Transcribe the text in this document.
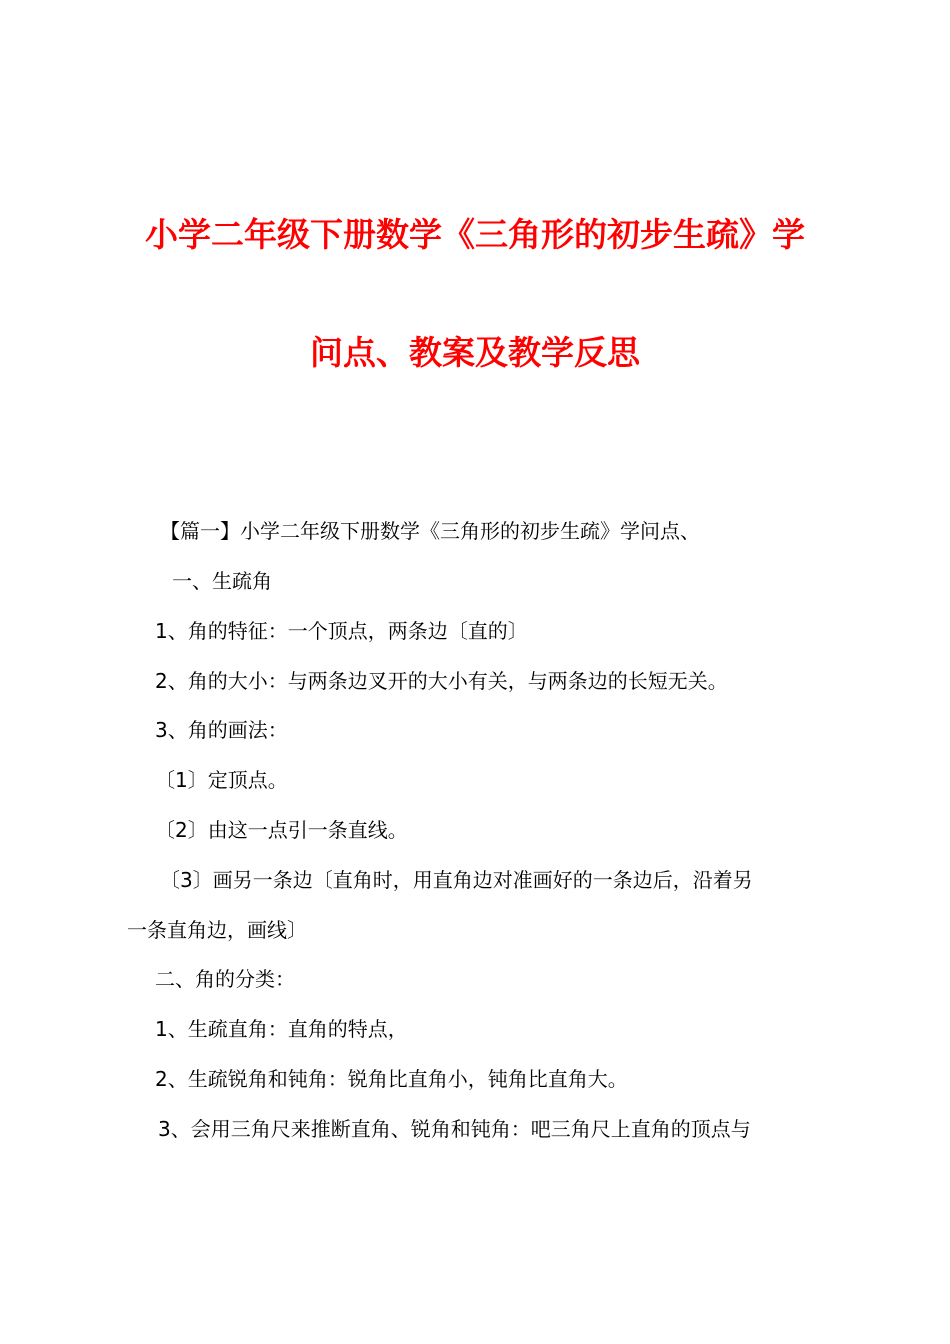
小学二年级下册数学《三角形的初步生疏》学
问点、教案及教学反思
【篇一】小学二年级下册数学《三角形的初步生疏》学问点、
一、生疏角
1、角的特征：一个顶点，两条边〔直的〕
2、角的大小：与两条边叉开的大小有关，与两条边的长短无关。
3、角的画法：
〔1〕定顶点。
〔2〕由这一点引一条直线。
〔3〕画另一条边〔直角时，用直角边对准画好的一条边后，沿着另
一条直角边，画线〕
二、角的分类：
1、生疏直角：直角的特点，
2、生疏锐角和钝角：锐角比直角小，钝角比直角大。
3、会用三角尺来推断直角、锐角和钝角：吧三角尺上直角的顶点与
